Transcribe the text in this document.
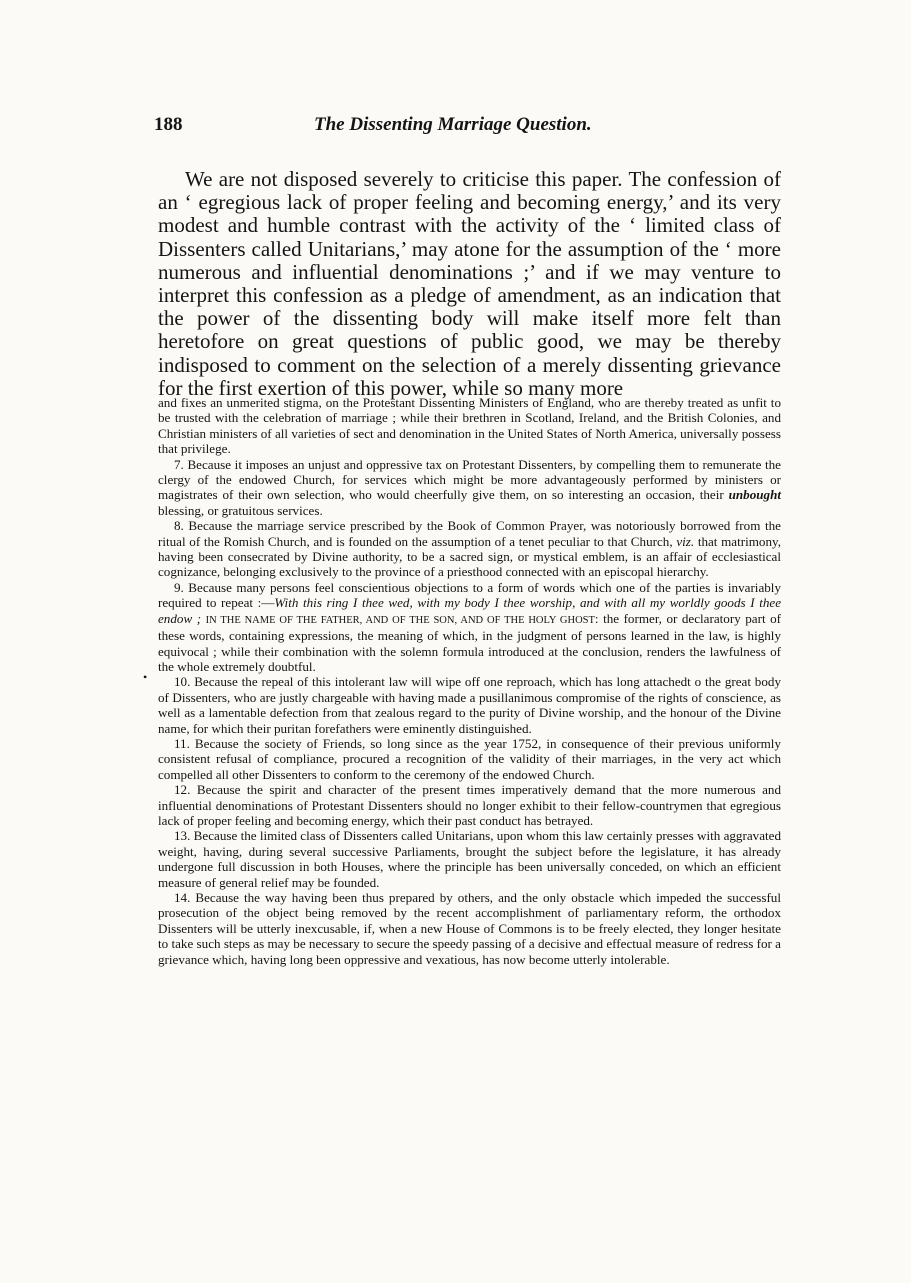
188	The Dissenting Marriage Question.

We are not disposed severely to criticise this paper. The confession of an ‘ egregious lack of proper feeling and becoming energy,’ and its very modest and humble contrast with the activity of the ‘ limited class of Dissenters called Unitarians,’ may atone for the assumption of the ‘ more numerous and influential denominations ;’ and if we may venture to interpret this confession as a pledge of amendment, as an indication that the power of the dissenting body will make itself more felt than heretofore on great questions of public good, we may be thereby indisposed to comment on the selection of a merely dissenting grievance for the first exertion of this power, while so many more

•

and fixes an unmerited stigma, on the Protestant Dissenting Ministers of England, who are thereby treated as unfit to be trusted with the celebration of marriage ; while their brethren in Scotland, Ireland, and the British Colonies, and Christian ministers of all varieties of sect and denomination in the United States of North America, universally possess that privilege.

7. Because it imposes an unjust and oppressive tax on Protestant Dissenters, by compelling them to remunerate the clergy of the endowed Church, for services which might be more advantageously performed by ministers or magistrates of their own selection, who would cheerfully give them, on so interesting an occasion, their unbought blessing, or gratuitous services.

8. Because the marriage service prescribed by the Book of Common Prayer, was notoriously borrowed from the ritual of the Romish Church, and is founded on the assumption of a tenet peculiar to that Church, viz. that matrimony, having been consecrated by Divine authority, to be a sacred sign, or mystical emblem, is an affair of ecclesiastical cognizance, belonging exclusively to the province of a priesthood connected with an episcopal hierarchy.

9. Because many persons feel conscientious objections to a form of words which one of the parties is invariably required to repeat :—With this ring I thee wed, with my body I thee worship, and with all my worldly goods I thee endow ; IN THE NAME OF THE FATHER, AND OF THE SON, AND OF THE HOLY GHOST: the former, or declaratory part of these words, containing expressions, the meaning of which, in the judgment of persons learned in the law, is highly equivocal ; while their combination with the solemn formula introduced at the conclusion, renders the lawfulness of the whole extremely doubtful.

10. Because the repeal of this intolerant law will wipe off one reproach, which has long attachedt o the great body of Dissenters, who are justly chargeable with having made a pusillanimous compromise of the rights of conscience, as well as a lamentable defection from that zealous regard to the purity of Divine worship, and the honour of the Divine name, for which their puritan forefathers were eminently distinguished.

11. Because the society of Friends, so long since as the year 1752, in consequence of their previous uniformly consistent refusal of compliance, procured a recognition of the validity of their marriages, in the very act which compelled all other Dissenters to conform to the ceremony of the endowed Church.

12. Because the spirit and character of the present times imperatively demand that the more numerous and influential denominations of Protestant Dissenters should no longer exhibit to their fellow-countrymen that egregious lack of proper feeling and becoming energy, which their past conduct has betrayed.

13. Because the limited class of Dissenters called Unitarians, upon whom this law certainly presses with aggravated weight, having, during several successive Parliaments, brought the subject before the legislature, it has already undergone full discussion in both Houses, where the principle has been universally conceded, on which an efficient measure of general relief may be founded.

14. Because the way having been thus prepared by others, and the only obstacle which impeded the successful prosecution of the object being removed by the recent accomplishment of parliamentary reform, the orthodox Dissenters will be utterly inexcusable, if, when a new House of Commons is to be freely elected, they longer hesitate to take such steps as may be necessary to secure the speedy passing of a decisive and effectual measure of redress for a grievance which, having long been oppressive and vexatious, has now become utterly intolerable.
